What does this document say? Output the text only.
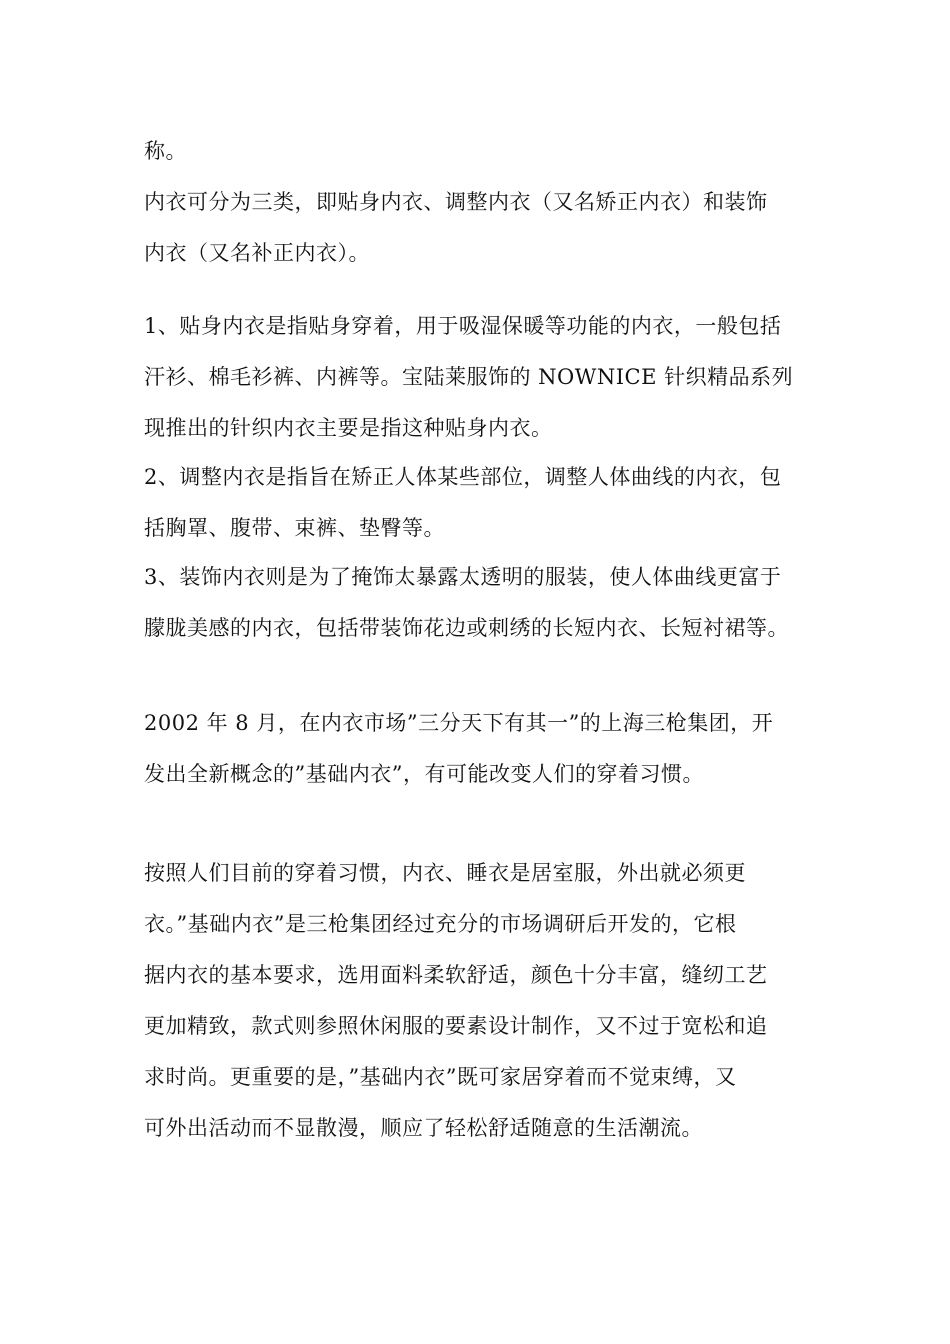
称。
内衣可分为三类，即贴身内衣、调整内衣（又名矫正内衣）和装饰
内衣（又名补正内衣）。
1、贴身内衣是指贴身穿着，用于吸湿保暖等功能的内衣，一般包括
汗衫、棉毛衫裤、内裤等。宝陆莱服饰的 NOWNICE 针织精品系列
现推出的针织内衣主要是指这种贴身内衣。
2、调整内衣是指旨在矫正人体某些部位，调整人体曲线的内衣，包
括胸罩、腹带、束裤、垫臀等。
3、装饰内衣则是为了掩饰太暴露太透明的服装，使人体曲线更富于
朦胧美感的内衣，包括带装饰花边或刺绣的长短内衣、长短衬裙等。
2002 年 8 月，在内衣市场”三分天下有其一”的上海三枪集团，开
发出全新概念的”基础内衣”，有可能改变人们的穿着习惯。
按照人们目前的穿着习惯，内衣、睡衣是居室服，外出就必须更
衣。”基础内衣”是三枪集团经过充分的市场调研后开发的，它根
据内衣的基本要求，选用面料柔软舒适，颜色十分丰富，缝纫工艺
更加精致，款式则参照休闲服的要素设计制作，又不过于宽松和追
求时尚。更重要的是，”基础内衣”既可家居穿着而不觉束缚，又
可外出活动而不显散漫，顺应了轻松舒适随意的生活潮流。
